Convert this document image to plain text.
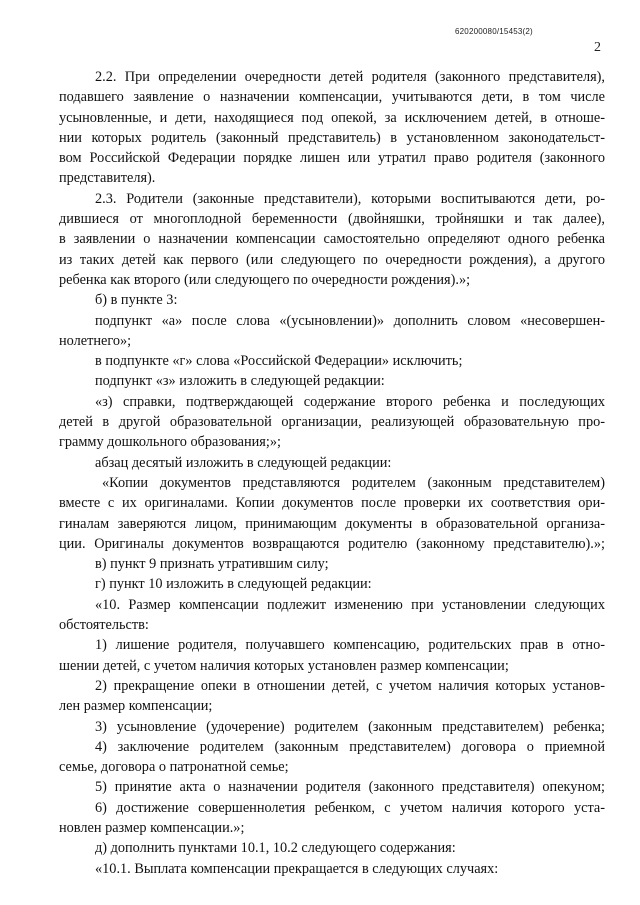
620200080/15453(2)
2
2.2. При определении очередности детей родителя (законного представителя),
подавшего заявление о назначении компенсации, учитываются дети, в том числе
усыновленные, и дети, находящиеся под опекой, за исключением детей, в отноше-
нии которых родитель (законный представитель) в установленном законодательст-
вом Российской Федерации порядке лишен или утратил право родителя (законного
представителя).
2.3. Родители (законные представители), которыми воспитываются дети, ро-
дившиеся от многоплодной беременности (двойняшки, тройняшки и так далее),
в заявлении о назначении компенсации самостоятельно определяют одного ребенка
из таких детей как первого (или следующего по очередности рождения), а другого
ребенка как второго (или следующего по очередности рождения).»;
б) в пункте 3:
подпункт «а» после слова «(усыновлении)» дополнить словом «несовершен-
нолетнего»;
в подпункте «г» слова «Российской Федерации» исключить;
подпункт «з» изложить в следующей редакции:
«з) справки, подтверждающей содержание второго ребенка и последующих
детей в другой образовательной организации, реализующей образовательную про-
грамму дошкольного образования;»;
абзац десятый изложить в следующей редакции:
«Копии документов представляются родителем (законным представителем)
вместе с их оригиналами. Копии документов после проверки их соответствия ори-
гиналам заверяются лицом, принимающим документы в образовательной организа-
ции. Оригиналы документов возвращаются родителю (законному представителю).»;
в) пункт 9 признать утратившим силу;
г) пункт 10 изложить в следующей редакции:
«10. Размер компенсации подлежит изменению при установлении следующих
обстоятельств:
1) лишение родителя, получавшего компенсацию, родительских прав в отно-
шении детей, с учетом наличия которых установлен размер компенсации;
2) прекращение опеки в отношении детей, с учетом наличия которых установ-
лен размер компенсации;
3) усыновление (удочерение) родителем (законным представителем) ребенка;
4) заключение родителем (законным представителем) договора о приемной
семье, договора о патронатной семье;
5) принятие акта о назначении родителя (законного представителя) опекуном;
6) достижение совершеннолетия ребенком, с учетом наличия которого уста-
новлен размер компенсации.»;
д) дополнить пунктами 10.1, 10.2 следующего содержания:
«10.1. Выплата компенсации прекращается в следующих случаях:
